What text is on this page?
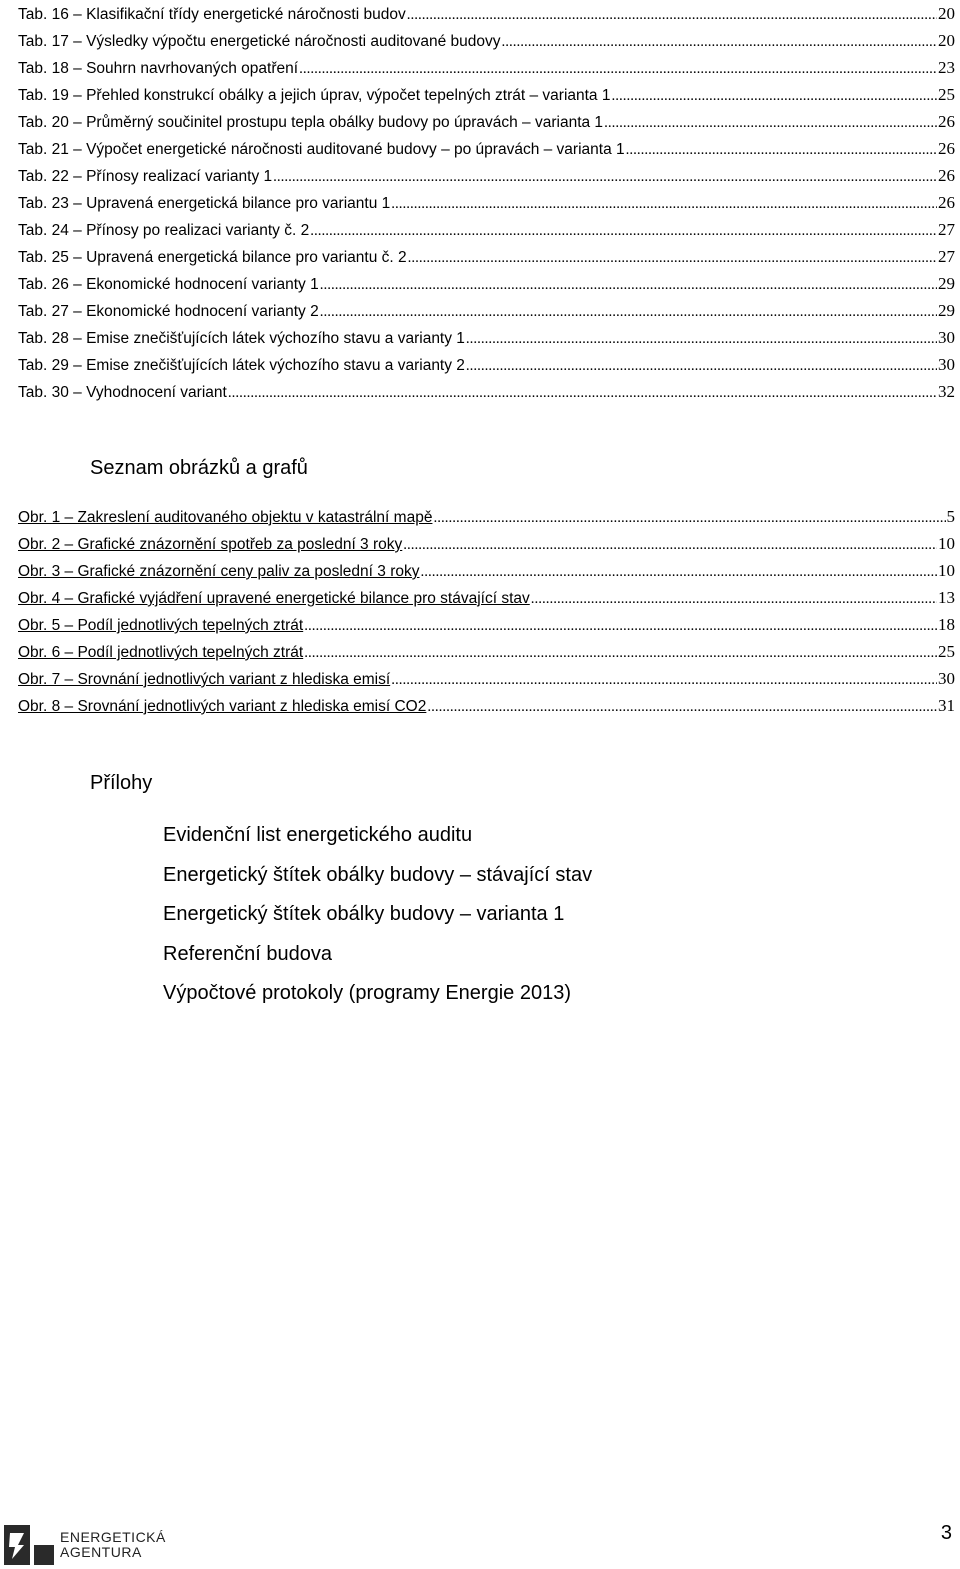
Tab. 16 – Klasifikační třídy energetické náročnosti budov .....	20
Tab. 17 – Výsledky výpočtu energetické náročnosti auditované budovy .....	20
Tab. 18 – Souhrn navrhovaných opatření .....	23
Tab. 19 – Přehled konstrukcí obálky a jejich úprav, výpočet tepelných ztrát – varianta 1 .....	25
Tab. 20 – Průměrný součinitel prostupu tepla obálky budovy po úpravách – varianta 1 .....	26
Tab. 21 – Výpočet energetické náročnosti auditované budovy – po úpravách – varianta 1 .....	26
Tab. 22 – Přínosy realizací varianty 1 .....	26
Tab. 23 – Upravená energetická bilance pro variantu 1 .....	26
Tab. 24 – Přínosy po realizaci varianty č. 2 .....	27
Tab. 25 – Upravená energetická bilance pro variantu č. 2 .....	27
Tab. 26 – Ekonomické hodnocení varianty 1 .....	29
Tab. 27 – Ekonomické hodnocení varianty 2 .....	29
Tab. 28 – Emise znečišťujících látek výchozího stavu a varianty 1 .....	30
Tab. 29 – Emise znečišťujících látek výchozího stavu a varianty 2 .....	30
Tab. 30 – Vyhodnocení variant .....	32
Seznam obrázků a grafů
Obr. 1 – Zakreslení auditovaného objektu v katastrální mapě .....	5
Obr. 2 – Grafické znázornění spotřeb za poslední 3 roky .....	10
Obr. 3 – Grafické znázornění ceny paliv za poslední 3 roky .....	10
Obr. 4 – Grafické vyjádření upravené energetické bilance pro stávající stav .....	13
Obr. 5 – Podíl jednotlivých tepelných ztrát .....	18
Obr. 6 – Podíl jednotlivých tepelných ztrát .....	25
Obr. 7 – Srovnání jednotlivých variant z hlediska emisí .....	30
Obr. 8 – Srovnání jednotlivých variant z hlediska emisí CO2 .....	31
Přílohy
Evidenční list energetického auditu
Energetický štítek obálky budovy – stávající stav
Energetický štítek obálky budovy – varianta 1
Referenční budova
Výpočtové protokoly (programy Energie 2013)
ENERGETICKÁ
AGENTURA
3
